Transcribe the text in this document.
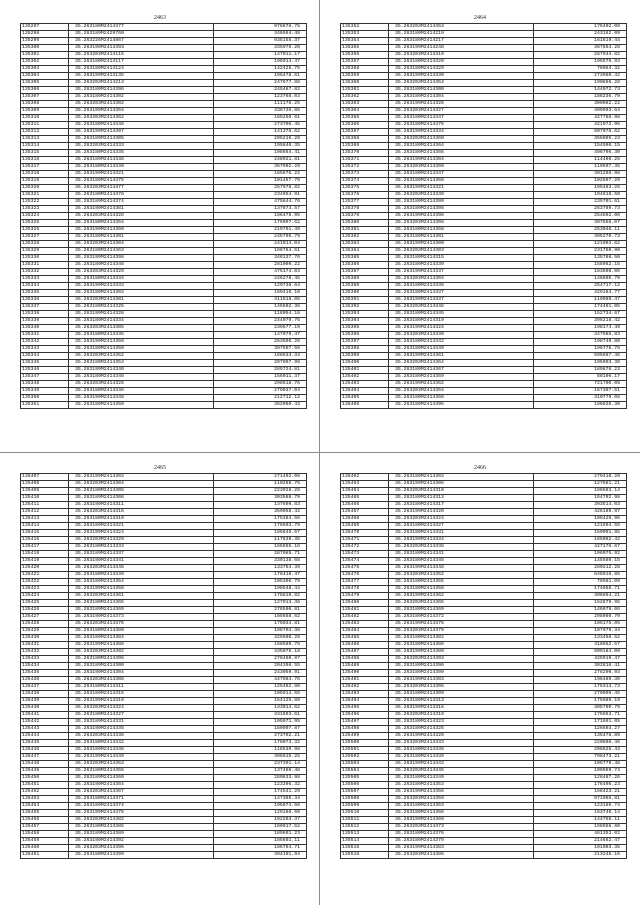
2463
135297	35.263180M2414377	976878.75
135298	35.263189M2429760	346664.48
135299	35.263226M2414867	935155.37
135300	35.263199M2414393	335976.20
135301	35.263203M2414115	147011.17
135302	35.263180M2414117	196014.47
135303	35.263189M2414124	142425.75
135304	35.263199M2414135	195478.61
135305	35.263203M2414213	247977.88
135306	35.263180M2414396	245487.82
135307	35.263189M2414302	123768.03
135308	35.263203M2414302	111176.25
135309	35.263199M2414364	436736.85
135310	35.263203M2414362	165256.61
135311	35.263180M2414348	273706.45
135312	35.263199M2414397	141376.62
135313	35.263189M2414305	205216.20
135314	35.263203M2414333	195846.35
135315	35.263180M2414335	108664.41
135316	35.263189M2414348	248921.81
135317	35.263180M2414340	367902.29
135318	35.263199M2414321	165876.22
135319	35.263189M2414375	101457.70
135320	35.263203M2414377	257976.82
135321	35.263180M2414376	234054.91
135322	35.263189M2414374	475844.76
135323	35.263199M2414381	137873.57
135324	35.263203M2414328	186478.95
135325	35.263180M2414364	176097.62
135326	35.263199M2414360	219791.49
135327	35.263189M2414301	245796.79
135328	35.263203M2414304	241014.04
135329	35.263180M2414363	168764.51
135330	35.263199M2414398	346137.76
135331	35.263189M2414348	281009.22
135332	35.263203M2414329	475174.03
135333	35.263180M2414334	246278.45
135334	35.263199M2414333	129738.64
135335	35.263189M2414303	169416.10
135336	35.263203M2414301	311618.05
135337	35.263180M2414325	145692.36
135338	35.263199M2414328	118054.18
135339	35.263189M2414334	244079.76
135340	35.263203M2414305	239677.19
135341	35.263180M2414335	147079.47
135342	35.263199M2414350	263606.26
135343	35.263189M2414350	397507.56
135344	35.263203M2414352	168634.34
135345	35.263180M2414353	207097.99
135346	35.263199M2414340	285724.81
135347	35.263189M2414348	156011.37
135348	35.263203M2414326	298618.76
135349	35.263180M2414346	279037.04
135350	35.263199M2414348	212712.12
135351	35.263189M2414350	362060.43
2464
135352	35.263203M2414353	176402.09
135353	35.263180M2414219	243162.09
135354	35.263189M2414217	161619.44
135355	35.263199M2414248	387854.28
135356	35.263203M2414319	287944.82
135357	35.263180M2414320	195576.93
135358	35.263189M2414329	76064.32
135359	35.263199M2414330	273980.42
135360	35.263203M2414354	190856.28
135361	35.263180M2414300	144072.73
135362	35.263189M2414304	188236.79
135363	35.263199M2414326	300082.22
135364	35.263203M2414327	499993.64
135365	35.263180M2414347	427786.98
135366	35.263189M2414376	321072.96
135367	35.263199M2414334	607076.62
135368	35.263203M2414360	356095.23
135369	35.263180M2414364	154960.15
135370	35.263189M2414366	496796.30
135371	35.263199M2414304	114496.26
135372	35.263203M2414360	119697.35
135373	35.263180M2414347	301266.98
135374	35.263189M2414368	102897.29
135375	35.263199M2414321	195483.26
135376	35.263203M2414330	104816.50
135377	35.263180M2414399	235701.61
135378	35.263189M2414398	263789.73
135379	35.263199M2414398	254892.06
135380	35.263203M2414308	307856.07
135381	35.263180M2414368	253046.11
135382	35.263189M2414301	305270.73
135383	35.263199M2414300	121093.62
135384	35.263203M2414303	231760.90
135385	35.263180M2414315	135788.50
135386	35.263189M2414339	158962.15
135387	35.263199M2414337	183508.06
135388	35.263203M2414304	146605.70
135389	35.263180M2414336	254717.12
135390	35.263189M2414337	329184.77
135391	35.263199M2414337	119989.47
135392	35.263203M2414348	174461.05
135393	35.263180M2414345	152734.67
135394	35.263189M2414319	395218.42
135395	35.263199M2414324	198174.49
135396	35.263203M2414330	347985.83
135397	35.263180M2414342	198749.80
135398	35.263189M2414349	196776.78
135399	35.263199M2414361	595687.46
135400	35.263203M2414364	195903.30
135401	35.263180M2414367	189878.23
135402	35.263189M2414369	68106.17
135403	35.263199M2414362	721700.09
135404	35.263203M2414364	167307.51
135405	35.263180M2414366	310779.08
135406	35.263189M2414395	186826.30
2465
135407	35.263199M2414303	271492.06
135408	35.263203M2414304	110266.76
135409	35.263180M2414308	223928.29
135410	35.263189M2414308	303588.79
135411	35.263199M2414311	137609.83
135412	35.263203M2414316	359058.42
135413	35.263180M2414319	175384.56
135414	35.263189M2414321	176693.79
135415	35.263199M2414324	185645.67
135416	35.263203M2414329	117639.35
135417	35.263180M2414333	165655.16
135418	35.263189M2414337	287085.71
135419	35.263199M2414341	330138.68
135420	35.263203M2414346	133754.39
135421	35.263180M2414349	176418.47
135422	35.263189M2414354	105306.79
135423	35.263199M2414358	198548.44
135424	35.263203M2414361	175810.92
135425	35.263180M2414365	127913.36
135426	35.263189M2414369	276590.81
135427	35.263199M2414373	195658.62
135428	35.263203M2414376	176034.81
135429	35.263180M2414380	198704.38
135430	35.263189M2414384	325608.28
135431	35.263199M2414388	168589.78
135432	35.263203M2414392	335076.18
135433	35.263180M2414396	276460.97
135434	35.263189M2414300	204398.55
135435	35.263199M2414304	243059.91
135436	35.263203M2414308	447084.76
135437	35.263180M2414311	125462.80
135438	35.263189M2414315	105914.55
135439	35.263199M2414319	154125.89
135440	35.263203M2414324	133014.62
135441	35.263180M2414327	331693.61
135442	35.263189M2414331	105071.95
135443	35.263199M2414335	160907.87
135444	35.263203M2414338	273702.21
135445	35.263180M2414342	178073.32
135446	35.263189M2414346	118539.98
135447	35.263199M2414349	305615.25
135448	35.263203M2414353	237391.14
135449	35.263180M2414356	137480.48
135450	35.263189M2414360	280833.98
135451	35.263199M2414364	123396.32
135452	35.263203M2414367	174541.29
135453	35.263180M2414371	147305.34
135454	35.263189M2414374	195974.66
135455	35.263199M2414378	129166.69
135456	35.263203M2414382	192203.37
135457	35.263180M2414385	160917.52
135458	35.263189M2414389	189691.23
135459	35.263199M2414392	185601.11
135460	35.263203M2414396	186794.71
135461	35.263180M2414399	304101.94
2466
135462	35.263189M2414303	279410.20
135463	35.263199M2414306	127681.21
135464	35.263203M2414310	186563.14
135465	35.263180M2414313	164792.98
135466	35.263189M2414317	303514.03
135467	35.263199M2414320	426169.97
135468	35.263203M2414324	105426.96
135469	35.263180M2414327	121894.55
135470	35.263189M2414331	159091.85
135471	35.263199M2414334	185062.42
135472	35.263203M2414338	427176.67
135473	35.263180M2414341	106075.92
135474	35.263189M2414345	145580.15
135475	35.263199M2414348	280212.28
135476	35.263203M2414352	648916.85
135477	35.263180M2414355	76561.09
135478	35.263189M2414358	174056.71
135479	35.263199M2414362	406864.21
135480	35.263203M2414365	152879.95
135481	35.263180M2414369	146079.06
135482	35.263189M2414372	208060.70
135483	35.263199M2414376	105175.05
135484	35.263203M2414379	107979.34
135485	35.263180M2414382	133458.52
135486	35.263189M2414386	418652.57
135487	35.263199M2414389	609184.09
135488	35.263203M2414393	425919.47
135489	35.263180M2414396	302818.41
135490	35.263189M2414399	278290.93
135491	35.263199M2414303	196489.30
135492	35.263203M2414306	175313.73
135493	35.263180M2414309	270999.45
135494	35.263189M2414313	175989.19
135495	35.263199M2414316	305790.79
135496	35.263203M2414319	175653.71
135497	35.263180M2414323	171691.05
135498	35.263189M2414326	126693.27
135499	35.263199M2414329	135478.89
135500	35.263203M2414333	220806.46
135501	35.263180M2414336	208826.43
135502	35.263189M2414339	798473.21
135503	35.263199M2414343	105779.48
135504	35.263203M2414346	109989.74
135505	35.263180M2414349	128487.26
135506	35.263189M2414353	176405.23
135507	35.263199M2414356	168423.21
135508	35.263203M2414359	971965.81
135509	35.263180M2414363	123186.74
135510	35.263189M2414366	163746.14
135511	35.263199M2414369	144756.11
135512	35.263203M2414373	168658.60
135513	35.263180M2414376	461353.02
135514	35.263189M2414379	214662.47
135515	35.263199M2414383	101003.35
135516	35.263203M2414386	213245.16
